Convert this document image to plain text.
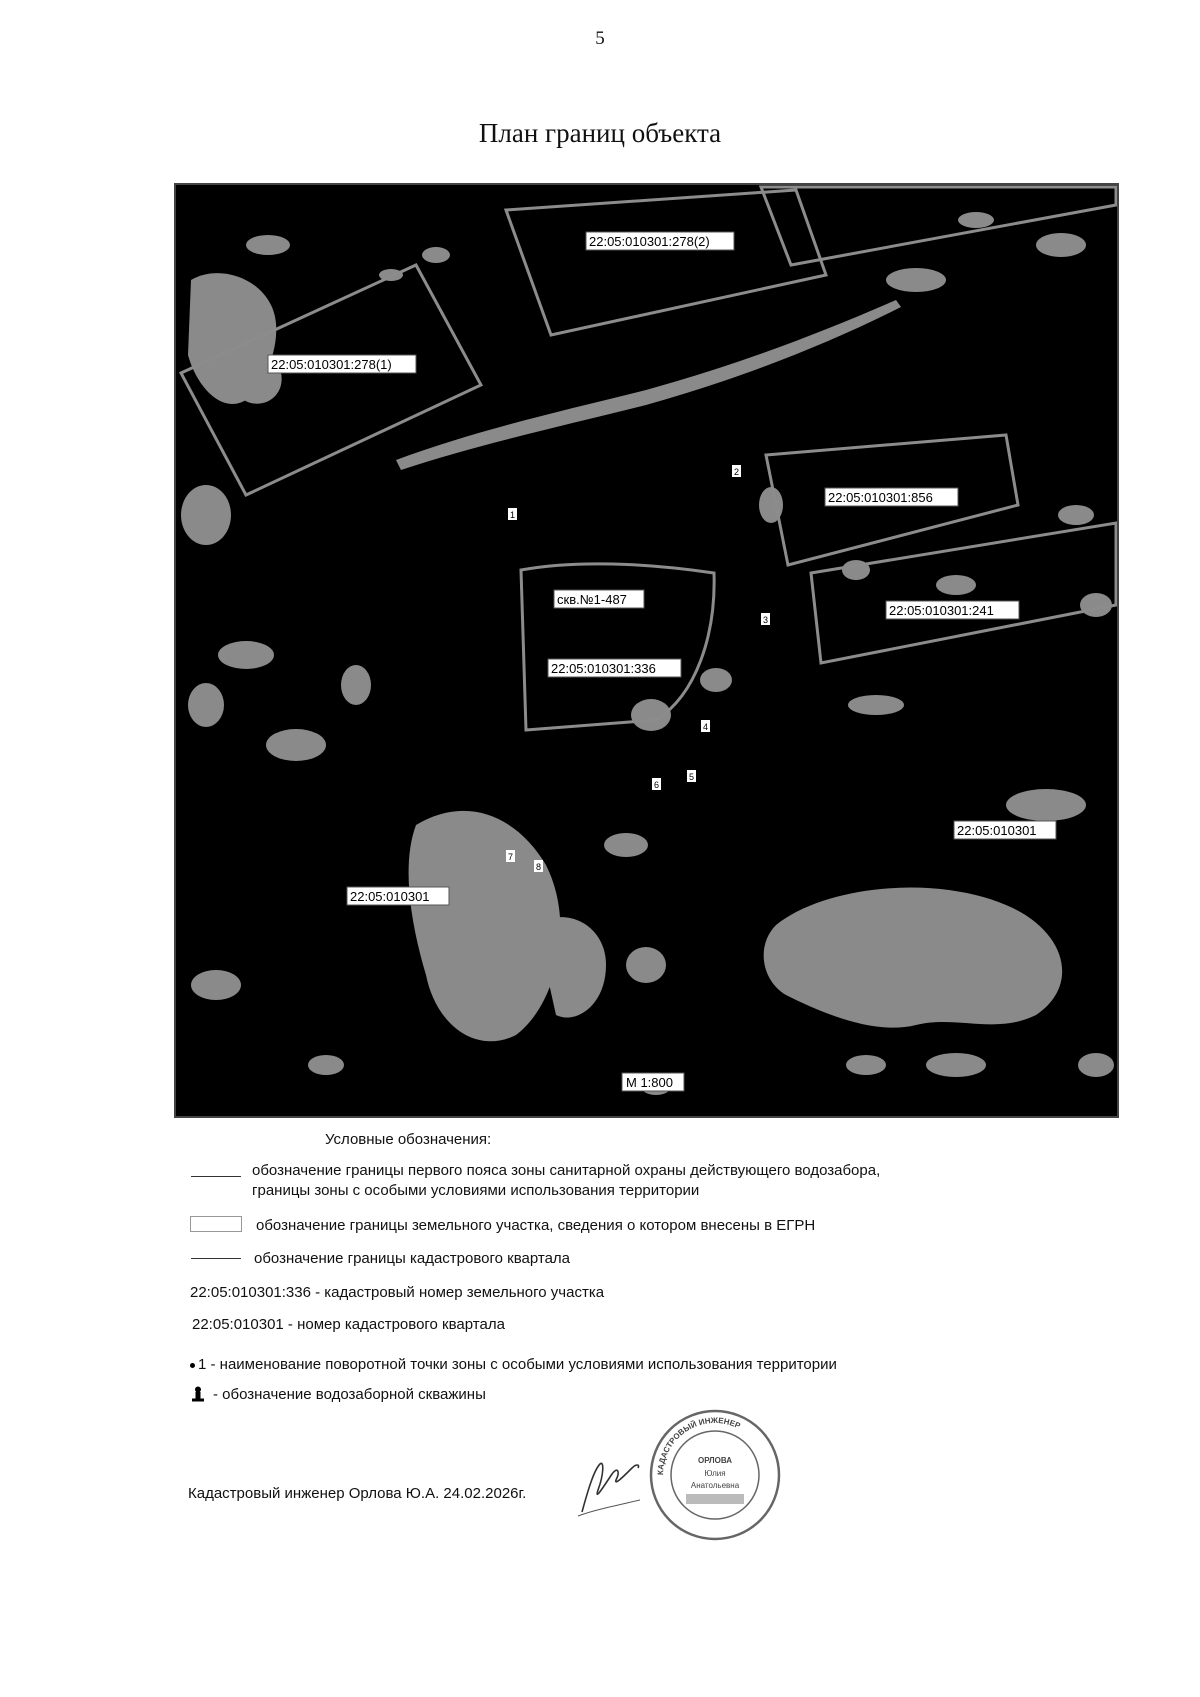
5
План границ объекта
22:05:010301:278(2)
22:05:010301:278(1)
22:05:010301:856
22:05:010301:241
22:05:010301:336
скв.№1-487
22:05:010301
22:05:010301
1
2
3
4
5
6
7
8
М 1:800
Условные обозначения:
обозначение границы первого пояса зоны санитарной охраны действующего водозабора,
границы зоны с особыми условиями использования территории
обозначение границы земельного участка, сведения о котором внесены в ЕГРН
обозначение границы кадастрового квартала
22:05:010301:336 - кадастровый номер земельного участка
22:05:010301 - номер кадастрового квартала
1 - наименование поворотной точки зоны с особыми условиями использования территории
- обозначение водозаборной скважины
Кадастровый инженер Орлова Ю.А. 24.02.2026г.
КАДАСТРОВЫЙ ИНЖЕНЕР
ОРЛОВА
Юлия
Анатольевна
